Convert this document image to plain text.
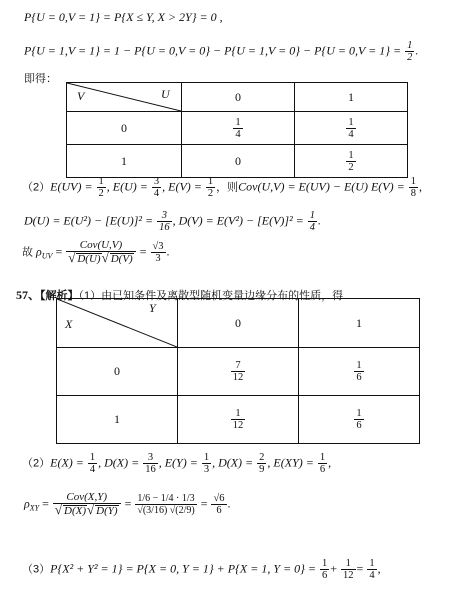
P{U = 0,V = 1} = P{X ≤ Y, X > 2Y} = 0 ,
$P\{U = 1,V = 1\} = 1 - P\{U = 0,V = 0\} - P\{U = 1,V = 0\} - P\{U = 0,V = 1\} = \frac{1}{2}$ .
即得：
V U	0	1
0	$\frac{1}{4}$	$\frac{1}{4}$

1	0	$\frac{1}{2}$
$(2)E(UV) = \frac{1}{2}$ , $E(U) = \frac{3}{4}$ , $E(V) = \frac{1}{2}$ ，则Cov(U,V) = E(UV) − E(U) $E(V) = \frac{1}{8}$ ,
$D(U) = E(U^2) - [E(U)]^2 = \frac{3}{16}$ , $D(V) = E(V^2) - [E(V)]^2 = \frac{1}{4}$ .
故 $\rho_{UV} = \frac{\text{Cov(U,V)}}{√ D(U)√ D(V)} = \frac{√3}{3}$ .
57、【解析】（1）由已知条件及离散型随机变量边缘分布的性质，得
X
Y	0	1
0	$\frac{7}{12}$	$\frac{1}{6}$

1	$\frac{1}{12}$	$\frac{1}{6}$
$(2)E(X) = \frac{1}{4}$ , $D(X) = \frac{3}{16}$ , $E(Y) = \frac{1}{3}$ , $D(X) = \frac{2}{9}$ , $E(XY) = \frac{1}{6}$ ,
$\rho_{XY} = \frac{\text{Cov(X,Y)}}{√ D(X)√ D(Y)} = \frac{1/6 - 1/4 \cdot 1/3}{√(3/16) √(2/9)} = \frac{√6}{6}$ .
（3）P{X² + Y² = 1} = P{X = 0, Y = 1} + P{X = 1, $Y = 0\} = \frac{1}{6} + \frac{1}{12} = \frac{1}{4}$ ,
